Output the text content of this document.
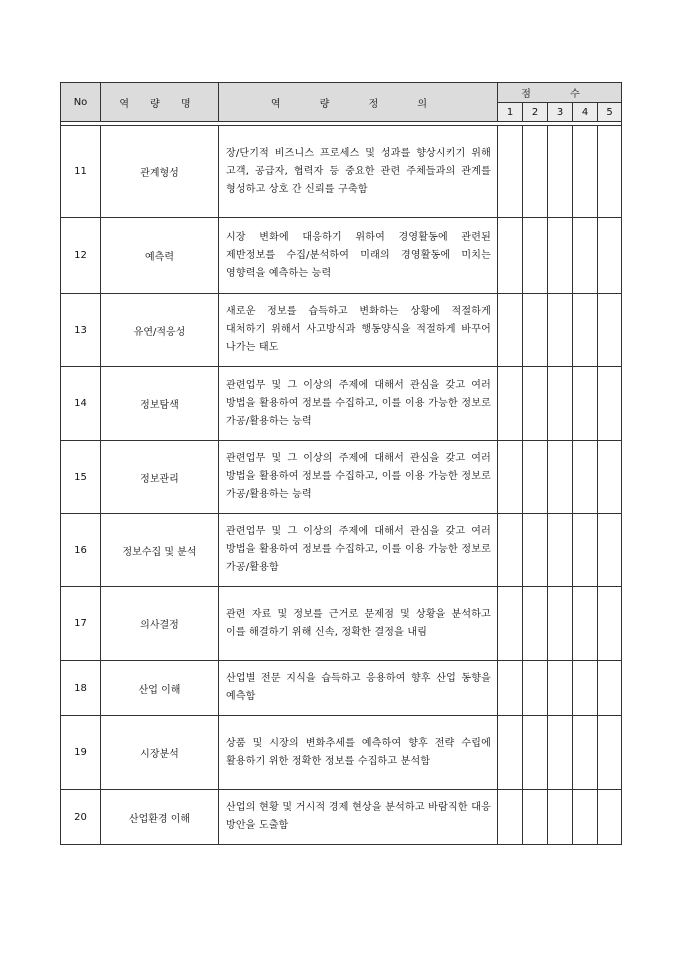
No	역 량 명	역 량 정 의	점 수				
			1	2	3	4	5

11	관계형성	장/단기적 비즈니스 프로세스 및 성과를 향상시키기 위해 고객, 공급자, 협력자 등 중요한 관련 주체들과의 관계를 형성하고 상호 간 신뢰를 구축함					
12	예측력	시장 변화에 대응하기 위하여 경영활동에 관련된 제반정보를 수집/분석하여 미래의 경영활동에 미치는 영향력을 예측하는 능력					
13	유연/적응성	새로운 정보를 습득하고 변화하는 상황에 적절하게 대처하기 위해서 사고방식과 행동양식을 적절하게 바꾸어 나가는 태도					
14	정보탐색	관련업무 및 그 이상의 주제에 대해서 관심을 갖고 여러 방법을 활용하여 정보를 수집하고, 이를 이용 가능한 정보로 가공/활용하는 능력					
15	정보관리	관련업무 및 그 이상의 주제에 대해서 관심을 갖고 여러 방법을 활용하여 정보를 수집하고, 이를 이용 가능한 정보로 가공/활용하는 능력					
16	정보수집 및 분석	관련업무 및 그 이상의 주제에 대해서 관심을 갖고 여러 방법을 활용하여 정보를 수집하고, 이를 이용 가능한 정보로 가공/활용함					
17	의사결정	관련 자료 및 정보를 근거로 문제점 및 상황을 분석하고 이를 해결하기 위해 신속, 정확한 결정을 내림					
18	산업 이해	산업별 전문 지식을 습득하고 응용하여 향후 산업 동향을 예측함					
19	시장분석	상품 및 시장의 변화추세를 예측하여 향후 전략 수립에 활용하기 위한 정확한 정보를 수집하고 분석함					
20	산업환경 이해	산업의 현황 및 거시적 경제 현상을 분석하고 바람직한 대응 방안을 도출함					
